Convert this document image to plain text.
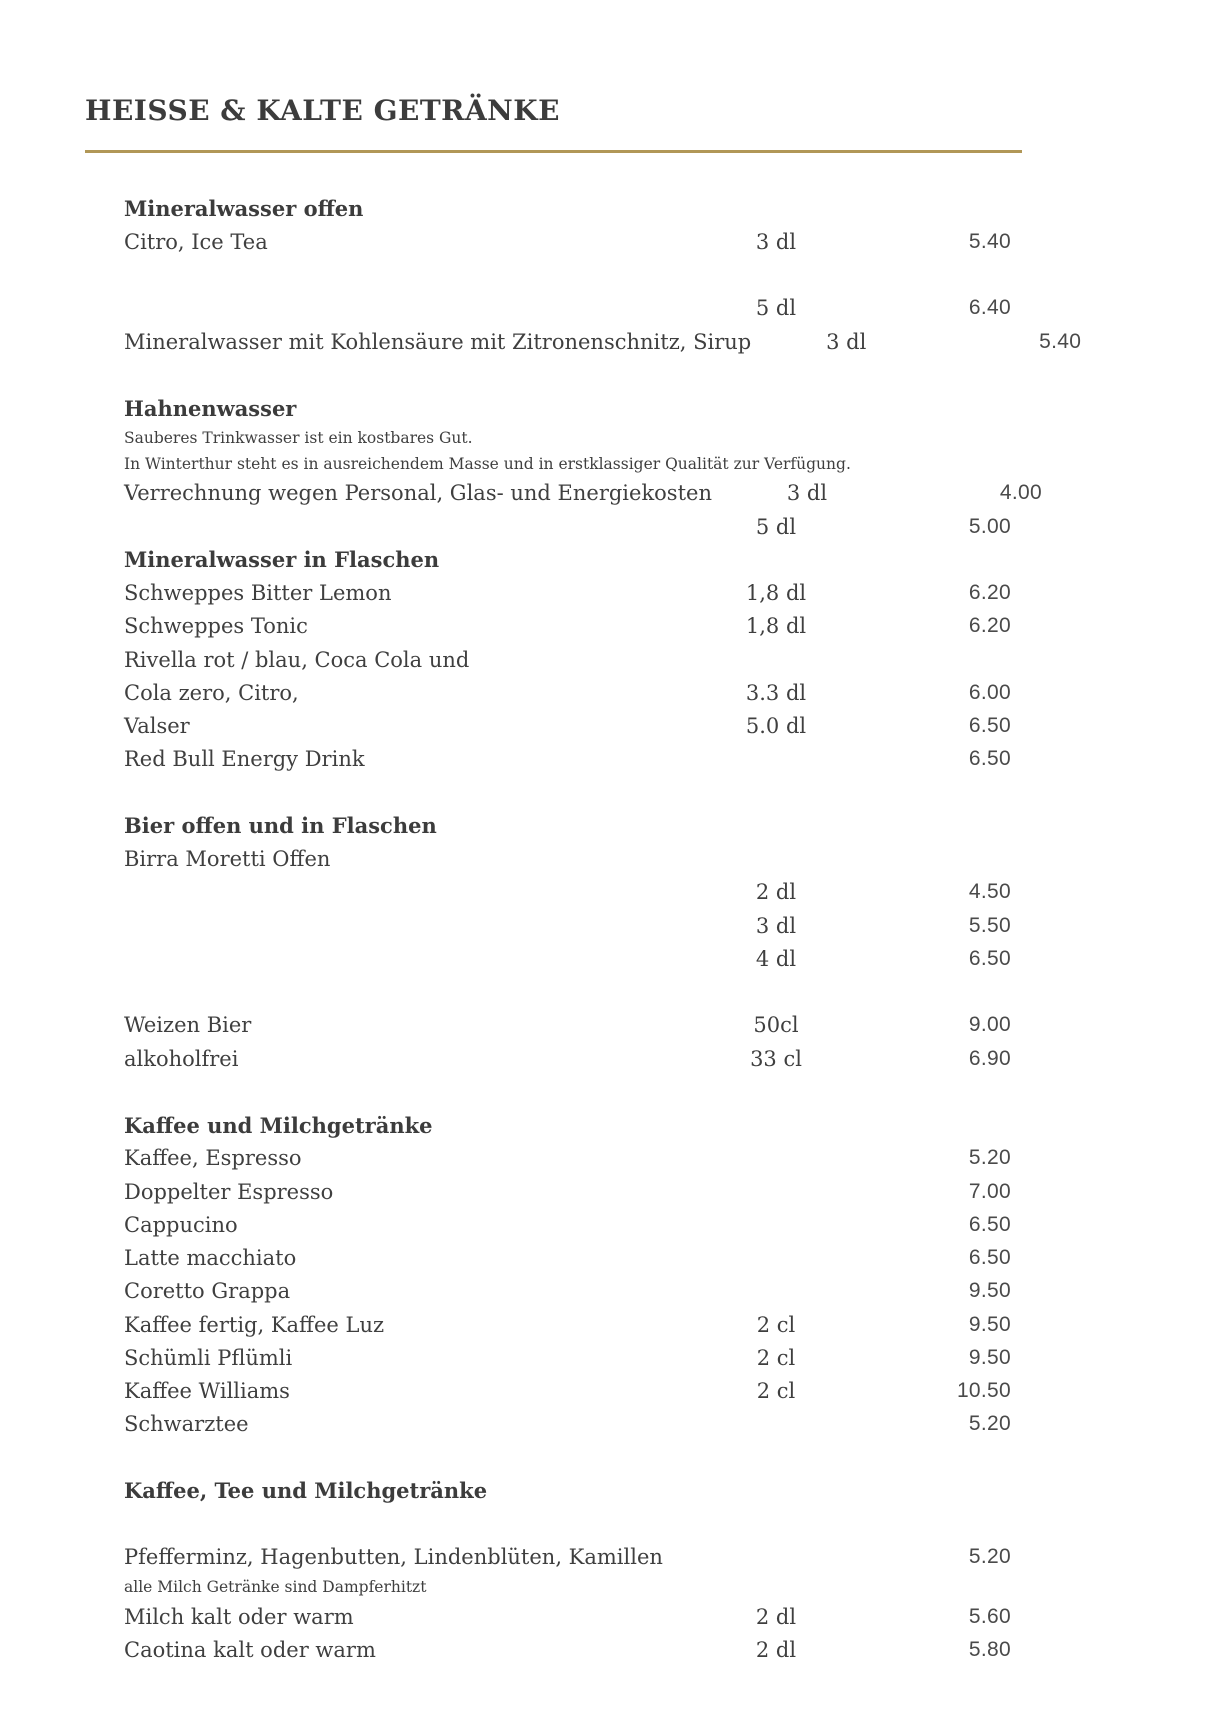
HEISSE & KALTE GETRÄNKE
Mineralwasser offen
Citro, Ice Tea	3 dl	5.40
5 dl	6.40
Mineralwasser mit Kohlensäure mit Zitronenschnitz, Sirup	3 dl	5.40
Hahnenwasser
Sauberes Trinkwasser ist ein kostbares Gut.
In Winterthur steht es in ausreichendem Masse und in erstklassiger Qualität zur Verfügung.
Verrechnung wegen Personal, Glas- und Energiekosten	3 dl	4.00
5 dl	5.00
Mineralwasser in Flaschen
Schweppes Bitter Lemon	1,8 dl	6.20
Schweppes Tonic	1,8 dl	6.20
Rivella rot / blau, Coca Cola und
Cola zero, Citro,	3.3 dl	6.00
Valser	5.0 dl	6.50
Red Bull Energy Drink	6.50
Bier offen und in Flaschen
Birra Moretti Offen
2 dl	4.50
3 dl	5.50
4 dl	6.50
Weizen Bier	50cl	9.00
alkoholfrei	33 cl	6.90
Kaffee und Milchgetränke
Kaffee, Espresso	5.20
Doppelter Espresso	7.00
Cappucino	6.50
Latte macchiato	6.50
Coretto Grappa	9.50
Kaffee fertig, Kaffee Luz	2 cl	9.50
Schümli Pflümli	2 cl	9.50
Kaffee Williams	2 cl	10.50
Schwarztee	5.20
Kaffee, Tee und Milchgetränke
Pfefferminz, Hagenbutten, Lindenblüten, Kamillen	5.20
alle Milch Getränke sind Dampferhitzt
Milch kalt oder warm	2 dl	5.60
Caotina kalt oder warm	2 dl	5.80
